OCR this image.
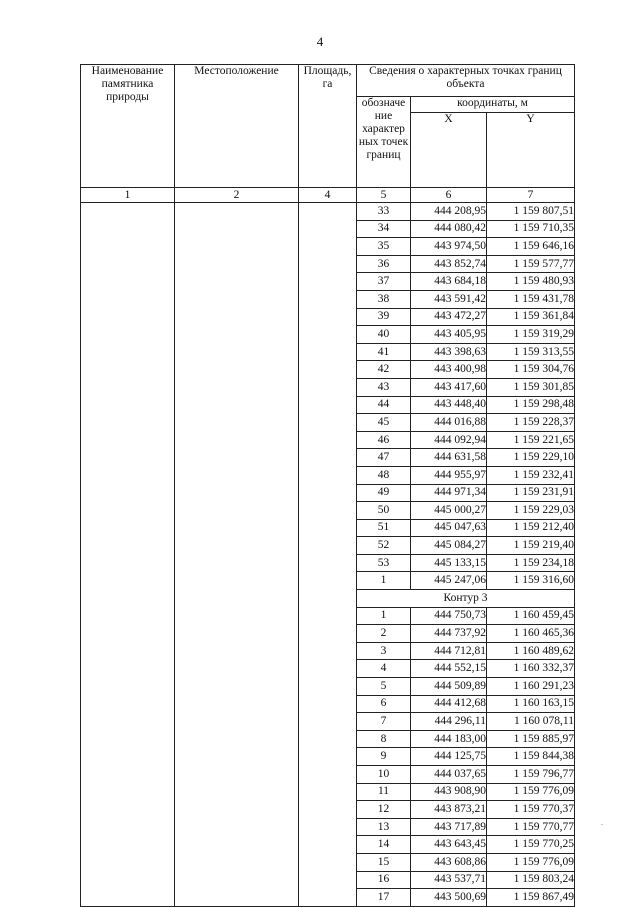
4
Наименование памятника природы	Местоположение	Площадь, га	Сведения о характерных точках границ объекта		
			обозначе ние характер ных точек границ	координаты, м	
				X	Y
1	2	4	5	6	7
			33	444 208,95	1 159 807,51
			34	444 080,42	1 159 710,35
			35	443 974,50	1 159 646,16
			36	443 852,74	1 159 577,77
			37	443 684,18	1 159 480,93
			38	443 591,42	1 159 431,78
			39	443 472,27	1 159 361,84
			40	443 405,95	1 159 319,29
			41	443 398,63	1 159 313,55
			42	443 400,98	1 159 304,76
			43	443 417,60	1 159 301,85
			44	443 448,40	1 159 298,48
			45	444 016,88	1 159 228,37
			46	444 092,94	1 159 221,65
			47	444 631,58	1 159 229,10
			48	444 955,97	1 159 232,41
			49	444 971,34	1 159 231,91
			50	445 000,27	1 159 229,03
			51	445 047,63	1 159 212,40
			52	445 084,27	1 159 219,40
			53	445 133,15	1 159 234,18
			1	445 247,06	1 159 316,60
			Контур 3		
			1	444 750,73	1 160 459,45
			2	444 737,92	1 160 465,36
			3	444 712,81	1 160 489,62
			4	444 552,15	1 160 332,37
			5	444 509,89	1 160 291,23
			6	444 412,68	1 160 163,15
			7	444 296,11	1 160 078,11
			8	444 183,00	1 159 885,97
			9	444 125,75	1 159 844,38
			10	444 037,65	1 159 796,77
			11	443 908,90	1 159 776,09
			12	443 873,21	1 159 770,37
			13	443 717,89	1 159 770,77
			14	443 643,45	1 159 770,25
			15	443 608,86	1 159 776,09
			16	443 537,71	1 159 803,24
			17	443 500,69	1 159 867,49
.
